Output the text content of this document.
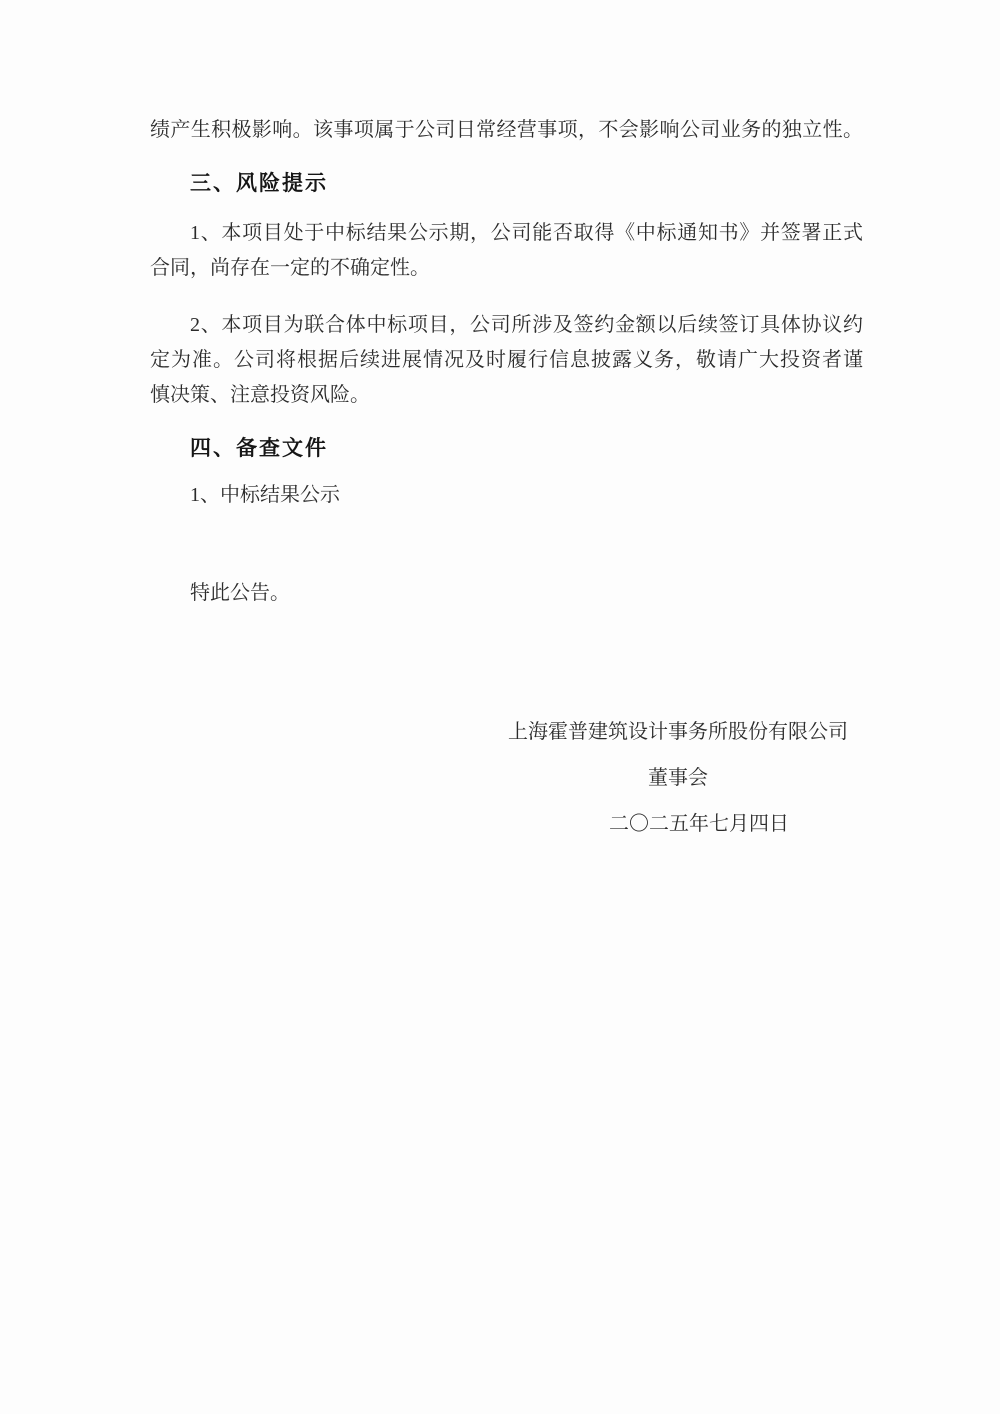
绩产生积极影响。该事项属于公司日常经营事项，不会影响公司业务的独立性。
三、风险提示
1、本项目处于中标结果公示期，公司能否取得《中标通知书》并签署正式
合同，尚存在一定的不确定性。
2、本项目为联合体中标项目，公司所涉及签约金额以后续签订具体协议约
定为准。公司将根据后续进展情况及时履行信息披露义务，敬请广大投资者谨
慎决策、注意投资风险。
四、备查文件
1、中标结果公示
特此公告。
上海霍普建筑设计事务所股份有限公司
董事会
二〇二五年七月四日
